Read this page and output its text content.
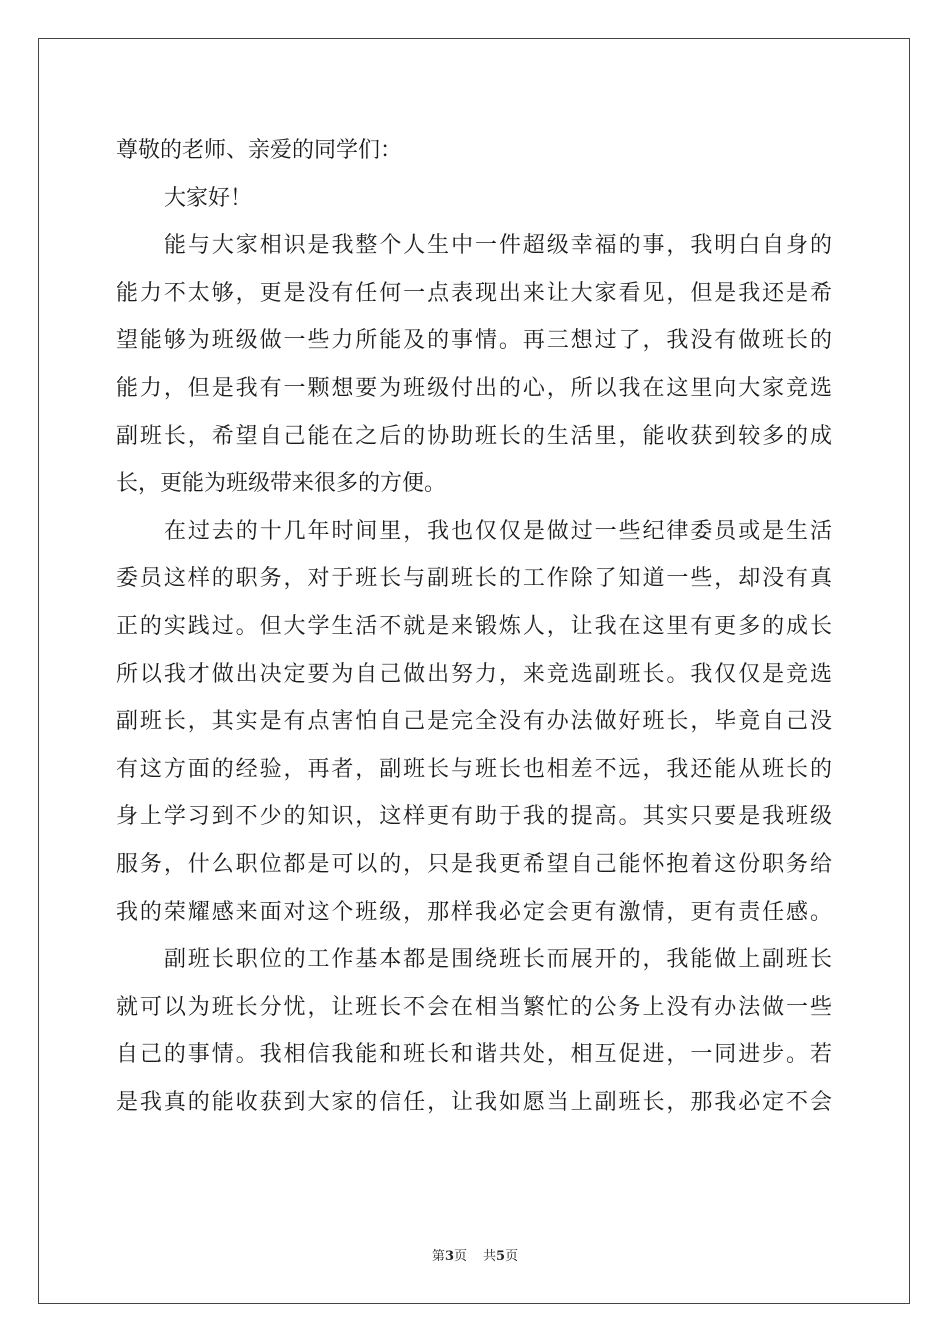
尊敬的老师、亲爱的同学们：
大家好！
能与大家相识是我整个人生中一件超级幸福的事，我明白自身的
能力不太够，更是没有任何一点表现出来让大家看见，但是我还是希
望能够为班级做一些力所能及的事情。再三想过了，我没有做班长的
能力，但是我有一颗想要为班级付出的心，所以我在这里向大家竞选
副班长，希望自己能在之后的协助班长的生活里，能收获到较多的成
长，更能为班级带来很多的方便。
在过去的十几年时间里，我也仅仅是做过一些纪律委员或是生活
委员这样的职务，对于班长与副班长的工作除了知道一些，却没有真
正的实践过。但大学生活不就是来锻炼人，让我在这里有更多的成长
所以我才做出决定要为自己做出努力，来竞选副班长。我仅仅是竞选
副班长，其实是有点害怕自己是完全没有办法做好班长，毕竟自己没
有这方面的经验，再者，副班长与班长也相差不远，我还能从班长的
身上学习到不少的知识，这样更有助于我的提高。其实只要是我班级
服务，什么职位都是可以的，只是我更希望自己能怀抱着这份职务给
我的荣耀感来面对这个班级，那样我必定会更有激情，更有责任感。
副班长职位的工作基本都是围绕班长而展开的，我能做上副班长
就可以为班长分忧，让班长不会在相当繁忙的公务上没有办法做一些
自己的事情。我相信我能和班长和谐共处，相互促进，一同进步。若
是我真的能收获到大家的信任，让我如愿当上副班长，那我必定不会
第3页 共5页
